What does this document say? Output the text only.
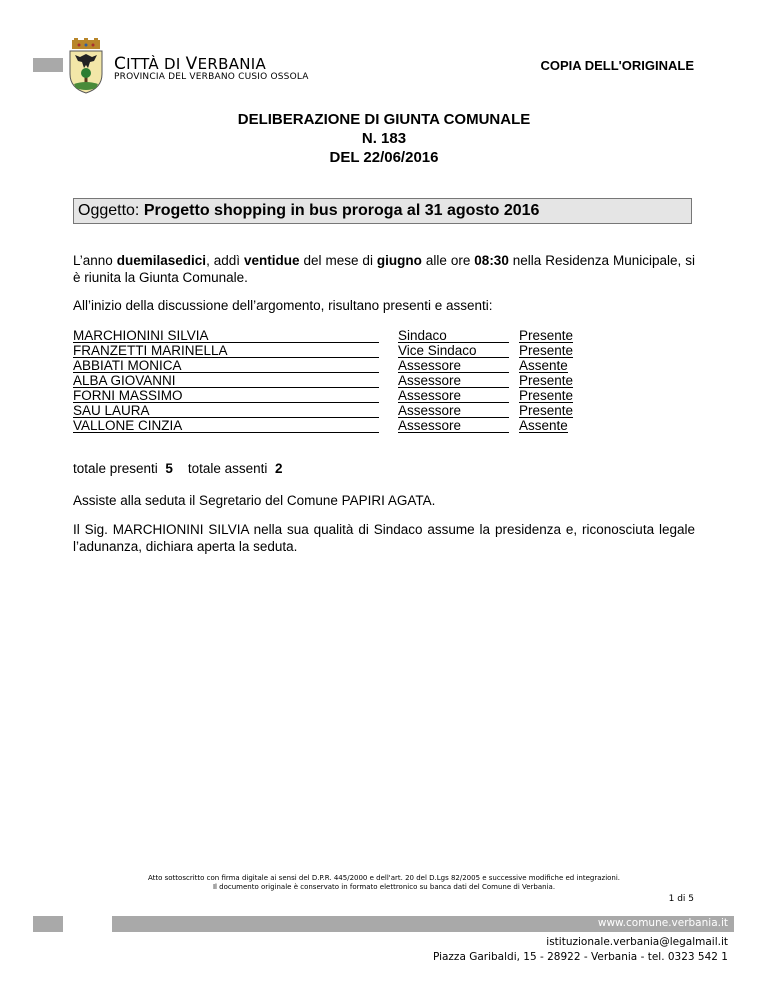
CITTÀ DI VERBANIA
PROVINCIA DEL VERBANO CUSIO OSSOLA
COPIA DELL'ORIGINALE
DELIBERAZIONE DI GIUNTA COMUNALE
N. 183
DEL 22/06/2016
Oggetto: Progetto shopping in bus proroga al 31 agosto 2016
L’anno duemilasedici, addì ventidue del mese di giugno alle ore 08:30 nella Residenza Municipale, si è riunita la Giunta Comunale.
All’inizio della discussione dell’argomento, risultano presenti e assenti:
MARCHIONINI SILVIA	Sindaco	Presente
FRANZETTI MARINELLA	Vice Sindaco	Presente
ABBIATI MONICA	Assessore	Assente
ALBA GIOVANNI	Assessore	Presente
FORNI MASSIMO	Assessore	Presente
SAU LAURA	Assessore	Presente
VALLONE CINZIA	Assessore	Assente
totale presenti 5 totale assenti 2
Assiste alla seduta il Segretario del Comune PAPIRI AGATA.
Il Sig. MARCHIONINI SILVIA nella sua qualità di Sindaco assume la presidenza e, riconosciuta legale l’adunanza, dichiara aperta la seduta.
Atto sottoscritto con firma digitale ai sensi del D.P.R. 445/2000 e dell'art. 20 del D.Lgs 82/2005 e successive modifiche ed integrazioni.
Il documento originale è conservato in formato elettronico su banca dati del Comune di Verbania.
1 di 5
www.comune.verbania.it
istituzionale.verbania@legalmail.it
Piazza Garibaldi, 15 - 28922 - Verbania - tel. 0323 542 1
